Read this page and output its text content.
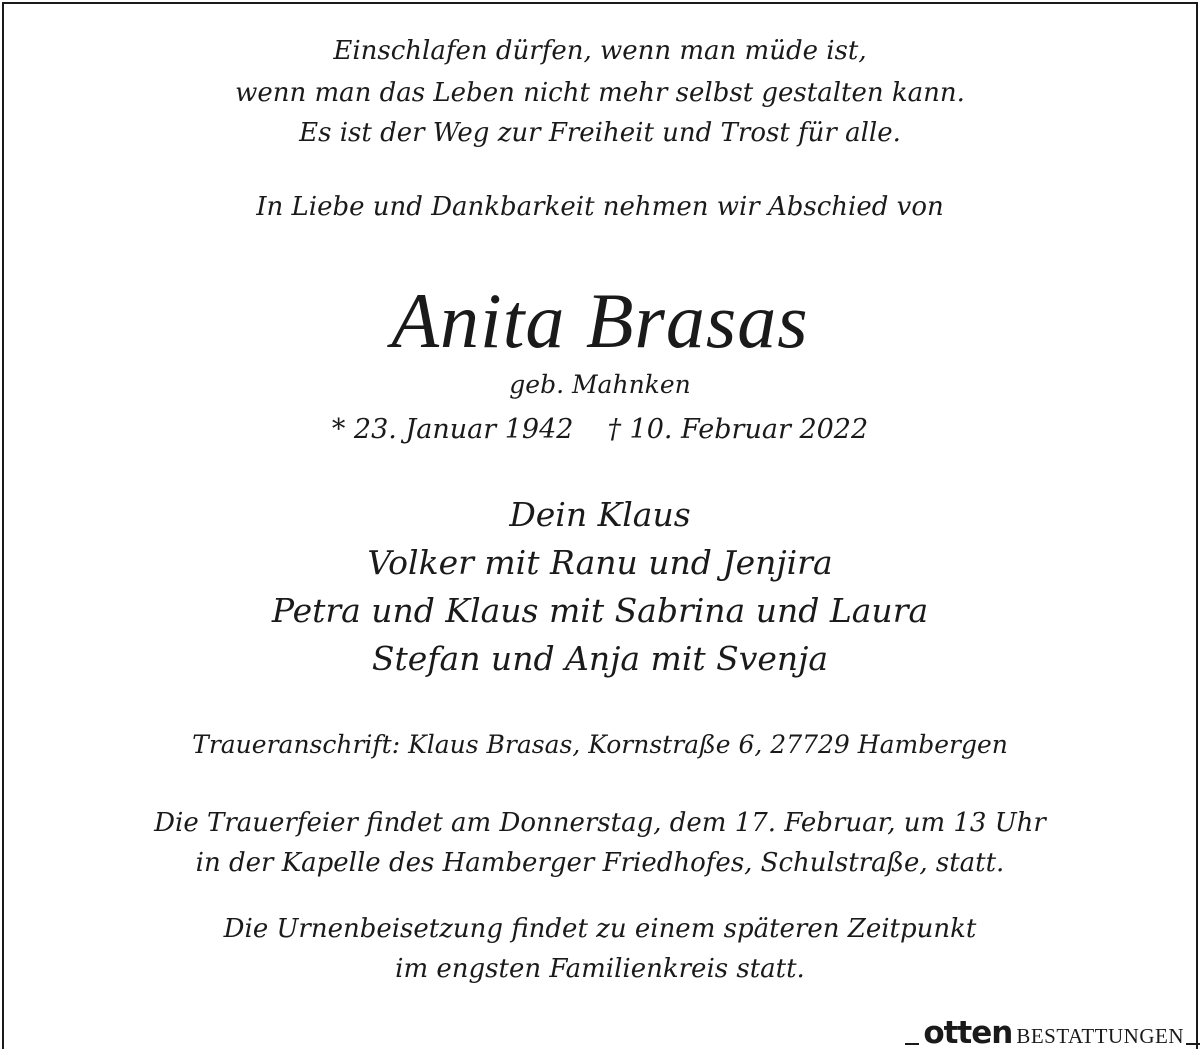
Einschlafen dürfen, wenn man müde ist,
wenn man das Leben nicht mehr selbst gestalten kann.
Es ist der Weg zur Freiheit und Trost für alle.
In Liebe und Dankbarkeit nehmen wir Abschied von
Anita Brasas
geb. Mahnken
* 23. Januar 1942 † 10. Februar 2022
Dein Klaus
Volker mit Ranu und Jenjira
Petra und Klaus mit Sabrina und Laura
Stefan und Anja mit Svenja
Traueranschrift: Klaus Brasas, Kornstraße 6, 27729 Hambergen
Die Trauerfeier findet am Donnerstag, dem 17. Februar, um 13 Uhr
in der Kapelle des Hamberger Friedhofes, Schulstraße, statt.
Die Urnenbeisetzung findet zu einem späteren Zeitpunkt
im engsten Familienkreis statt.
otten BESTATTUNGEN
